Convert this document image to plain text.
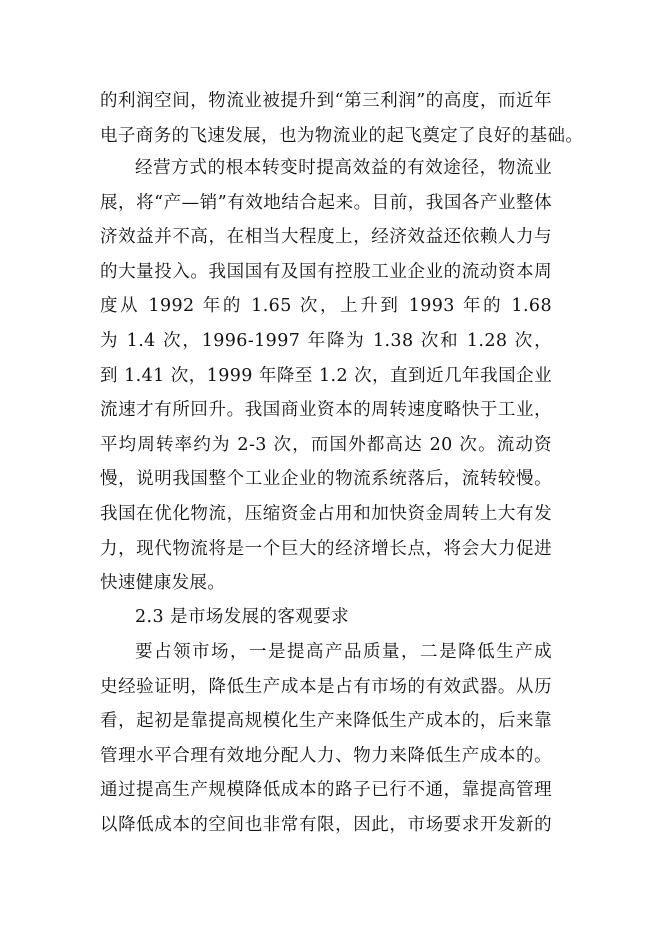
的利润空间，物流业被提升到“第三利润”的高度，而近年
电子商务的飞速发展，也为物流业的起飞奠定了良好的基础。
经营方式的根本转变时提高效益的有效途径，物流业
展，将“产—销”有效地结合起来。目前，我国各产业整体
济效益并不高，在相当大程度上，经济效益还依赖人力与
的大量投入。我国国有及国有控股工业企业的流动资本周
度从 1992 年的 1.65 次，上升到 1993 年的 1.68
为 1.4 次，1996-1997 年降为 1.38 次和 1.28 次，
到 1.41 次，1999 年降至 1.2 次，直到近几年我国企业
流速才有所回升。我国商业资本的周转速度略快于工业，
平均周转率约为 2-3 次，而国外都高达 20 次。流动资
慢，说明我国整个工业企业的物流系统落后，流转较慢。
我国在优化物流，压缩资金占用和加快资金周转上大有发
力，现代物流将是一个巨大的经济增长点，将会大力促进
快速健康发展。
2.3 是市场发展的客观要求
要占领市场，一是提高产品质量，二是降低生产成
史经验证明，降低生产成本是占有市场的有效武器。从历
看，起初是靠提高规模化生产来降低生产成本的，后来靠
管理水平合理有效地分配人力、物力来降低生产成本的。
通过提高生产规模降低成本的路子已行不通，靠提高管理
以降低成本的空间也非常有限，因此，市场要求开发新的
